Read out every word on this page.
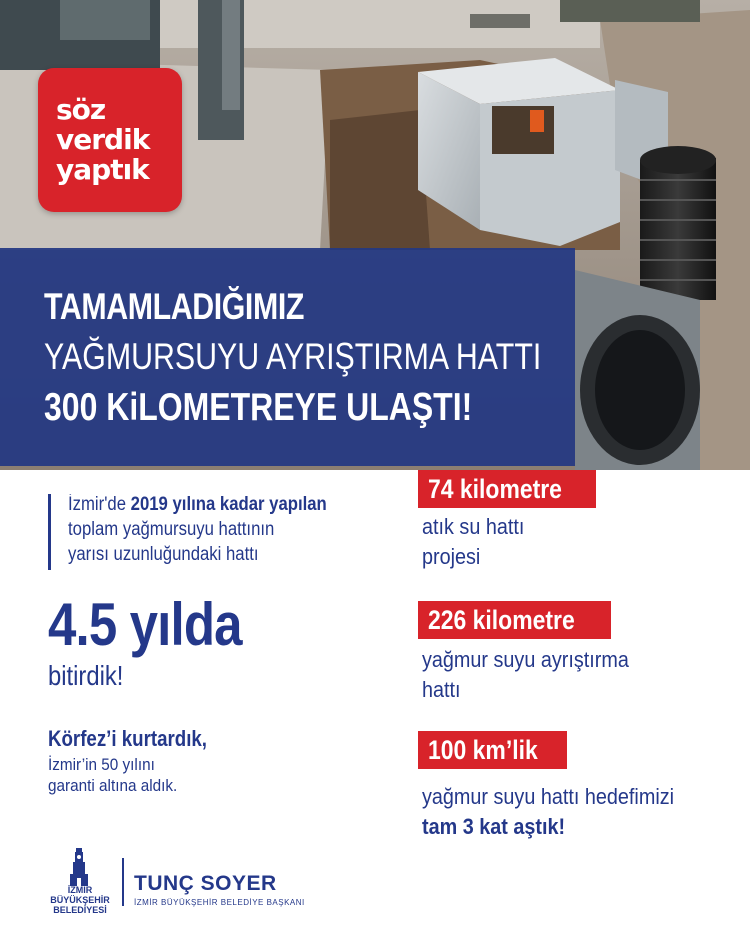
söz
verdik
yaptık
TAMAMLADIĞIMIZ
YAĞMURSUYU AYRIŞTIRMA HATTI
300 KiLOMETREYE ULAŞTI!
İzmir'de 2019 yılına kadar yapılan
toplam yağmursuyu hattının
yarısı uzunluğundaki hattı
4.5 yılda
bitirdik!
Körfez’i kurtardık,
İzmir’in 50 yılını
garanti altına aldık.
74 kilometre
atık su hattı
projesi
226 kilometre
yağmur suyu ayrıştırma
hattı
100 km’lik
yağmur suyu hattı hedefimizi
tam 3 kat aştık!
İZMİR
BÜYÜKŞEHİR
BELEDİYESİ
TUNÇ SOYER
İZMİR BÜYÜKŞEHİR BELEDİYE BAŞKANI
